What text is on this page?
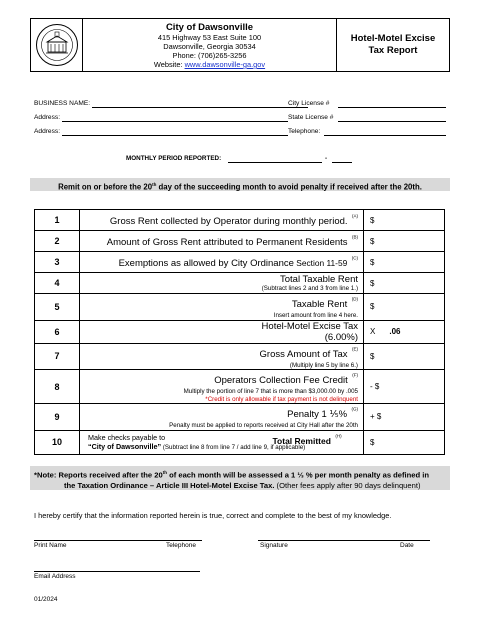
City of Dawsonville
415 Highway 53 East Suite 100
Dawsonville, Georgia 30534
Phone: (706)265-3256
Website: www.dawsonville-ga.gov
Hotel-Motel Excise
Tax Report
BUSINESS NAME:	City License #
Address:	State License #
Address:	Telephone:
MONTHLY PERIOD REPORTED:	-
Remit on or before the 20th day of the succeeding month to avoid penalty if received after the 20th.
1	Gross Rent collected by Operator during monthly period. $^{(A)}$	$
2	Amount of Gross Rent attributed to Permanent Residents $^{(B)}$	$
3	Exemptions as allowed by City Ordinance Section 11-59 $^{(C)}$	$
4	Total Taxable Rent
(Subtract lines 2 and 3 from line 1.)	$
5	Taxable Rent $^{(D)}$
Insert amount from line 4 here.	$
6	Hotel-Motel Excise Tax
(6.00%)	X .06
7	Gross Amount of Tax $^{(E)}$
(Multiply line 5 by line 6.)	$
8	Operators Collection Fee Credit $^{(F)}$
Multiply the portion of line 7 that is more than $3,000.00 by .005
*Credit is only allowable if tax payment is not delinquent	- $
9	Penalty 1 ⅕% $^{(G)}$
Penalty must be applied to reports received at City Hall after the 20th	+ $
10	Make checks payable to
“City of Dawsonville” (Subtract line 8 from line 7 / add line 9, if applicable)
Total Remitted $^{(H)}$	$
*Note: Reports received after the 20th of each month will be assessed a 1 ⅓ % per month penalty as defined in
the Taxation Ordinance – Article III Hotel-Motel Excise Tax. (Other fees apply after 90 days delinquent)
I hereby certify that the information reported herein is true, correct and complete to the best of my knowledge.
Print Name	Telephone	Signature	Date
Email Address
01/2024
